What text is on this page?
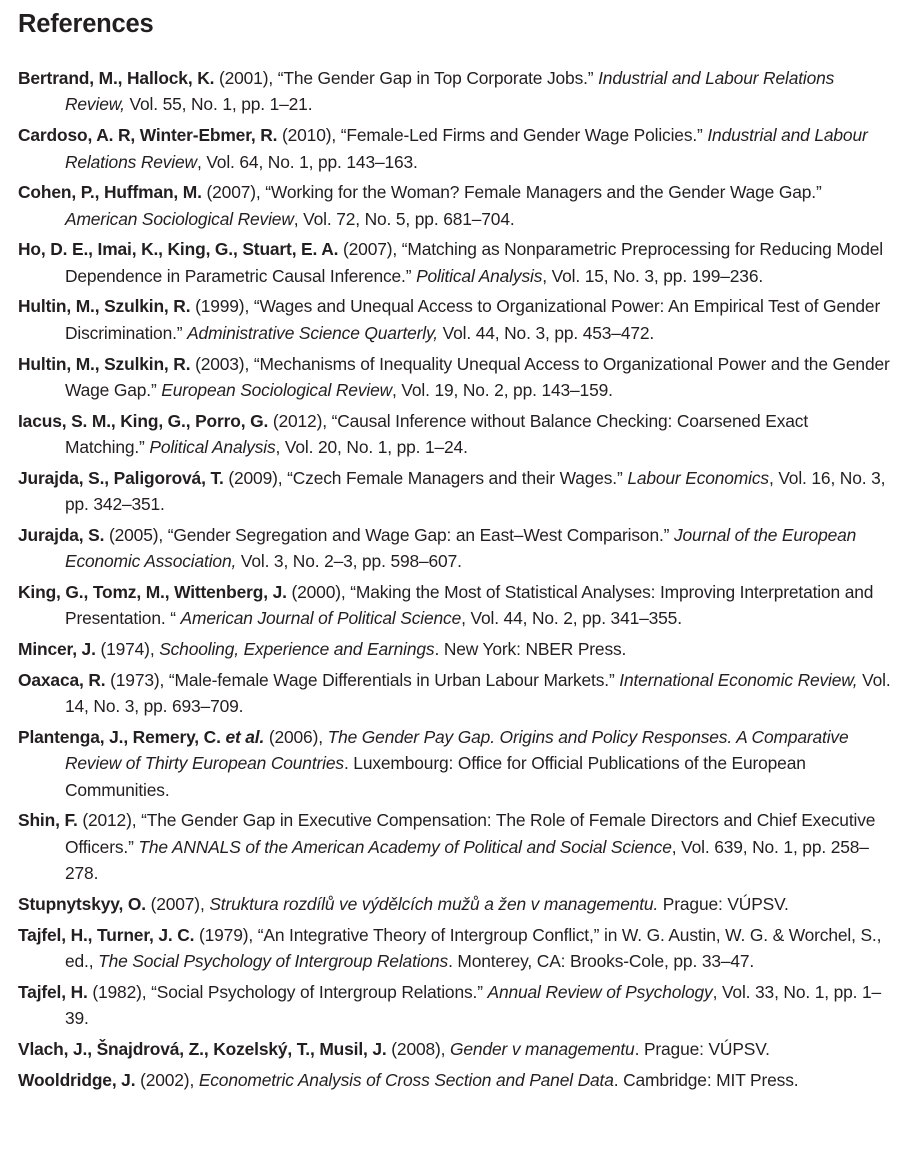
References
Bertrand, M., Hallock, K. (2001), “The Gender Gap in Top Corporate Jobs.” Industrial and Labour Relations Review, Vol. 55, No. 1, pp. 1–21.
Cardoso, A. R, Winter-Ebmer, R. (2010), “Female-Led Firms and Gender Wage Policies.” Industrial and Labour Relations Review, Vol. 64, No. 1, pp. 143–163.
Cohen, P., Huffman, M. (2007), “Working for the Woman? Female Managers and the Gender Wage Gap.” American Sociological Review, Vol. 72, No. 5, pp. 681–704.
Ho, D. E., Imai, K., King, G., Stuart, E. A. (2007), “Matching as Nonparametric Preprocessing for Reducing Model Dependence in Parametric Causal Inference.” Political Analysis, Vol. 15, No. 3, pp. 199–236.
Hultin, M., Szulkin, R. (1999), “Wages and Unequal Access to Organizational Power: An Empirical Test of Gender Discrimination.” Administrative Science Quarterly, Vol. 44, No. 3, pp. 453–472.
Hultin, M., Szulkin, R. (2003), “Mechanisms of Inequality Unequal Access to Organizational Power and the Gender Wage Gap.” European Sociological Review, Vol. 19, No. 2, pp. 143–159.
Iacus, S. M., King, G., Porro, G. (2012), “Causal Inference without Balance Checking: Coarsened Exact Matching.” Political Analysis, Vol. 20, No. 1, pp. 1–24.
Jurajda, S., Paligorová, T. (2009), “Czech Female Managers and their Wages.” Labour Economics, Vol. 16, No. 3, pp. 342–351.
Jurajda, S. (2005), “Gender Segregation and Wage Gap: an East–West Comparison.” Journal of the European Economic Association, Vol. 3, No. 2–3, pp. 598–607.
King, G., Tomz, M., Wittenberg, J. (2000), “Making the Most of Statistical Analyses: Improving Interpretation and Presentation. “ American Journal of Political Science, Vol. 44, No. 2, pp. 341–355.
Mincer, J. (1974), Schooling, Experience and Earnings. New York: NBER Press.
Oaxaca, R. (1973), “Male-female Wage Differentials in Urban Labour Markets.” International Economic Review, Vol. 14, No. 3, pp. 693–709.
Plantenga, J., Remery, C. et al. (2006), The Gender Pay Gap. Origins and Policy Responses. A Comparative Review of Thirty European Countries. Luxembourg: Office for Official Publications of the European Communities.
Shin, F. (2012), “The Gender Gap in Executive Compensation: The Role of Female Directors and Chief Executive Officers.” The ANNALS of the American Academy of Political and Social Science, Vol. 639, No. 1, pp. 258–278.
Stupnytskyy, O. (2007), Struktura rozdílů ve výdělcích mužů a žen v managementu. Prague: VÚPSV.
Tajfel, H., Turner, J. C. (1979), “An Integrative Theory of Intergroup Conflict,” in W. G. Austin, W. G. & Worchel, S., ed., The Social Psychology of Intergroup Relations. Monterey, CA: Brooks-Cole, pp. 33–47.
Tajfel, H. (1982), “Social Psychology of Intergroup Relations.” Annual Review of Psychology, Vol. 33, No. 1, pp. 1–39.
Vlach, J., Šnajdrová, Z., Kozelský, T., Musil, J. (2008), Gender v managementu. Prague: VÚPSV.
Wooldridge, J. (2002), Econometric Analysis of Cross Section and Panel Data. Cambridge: MIT Press.
